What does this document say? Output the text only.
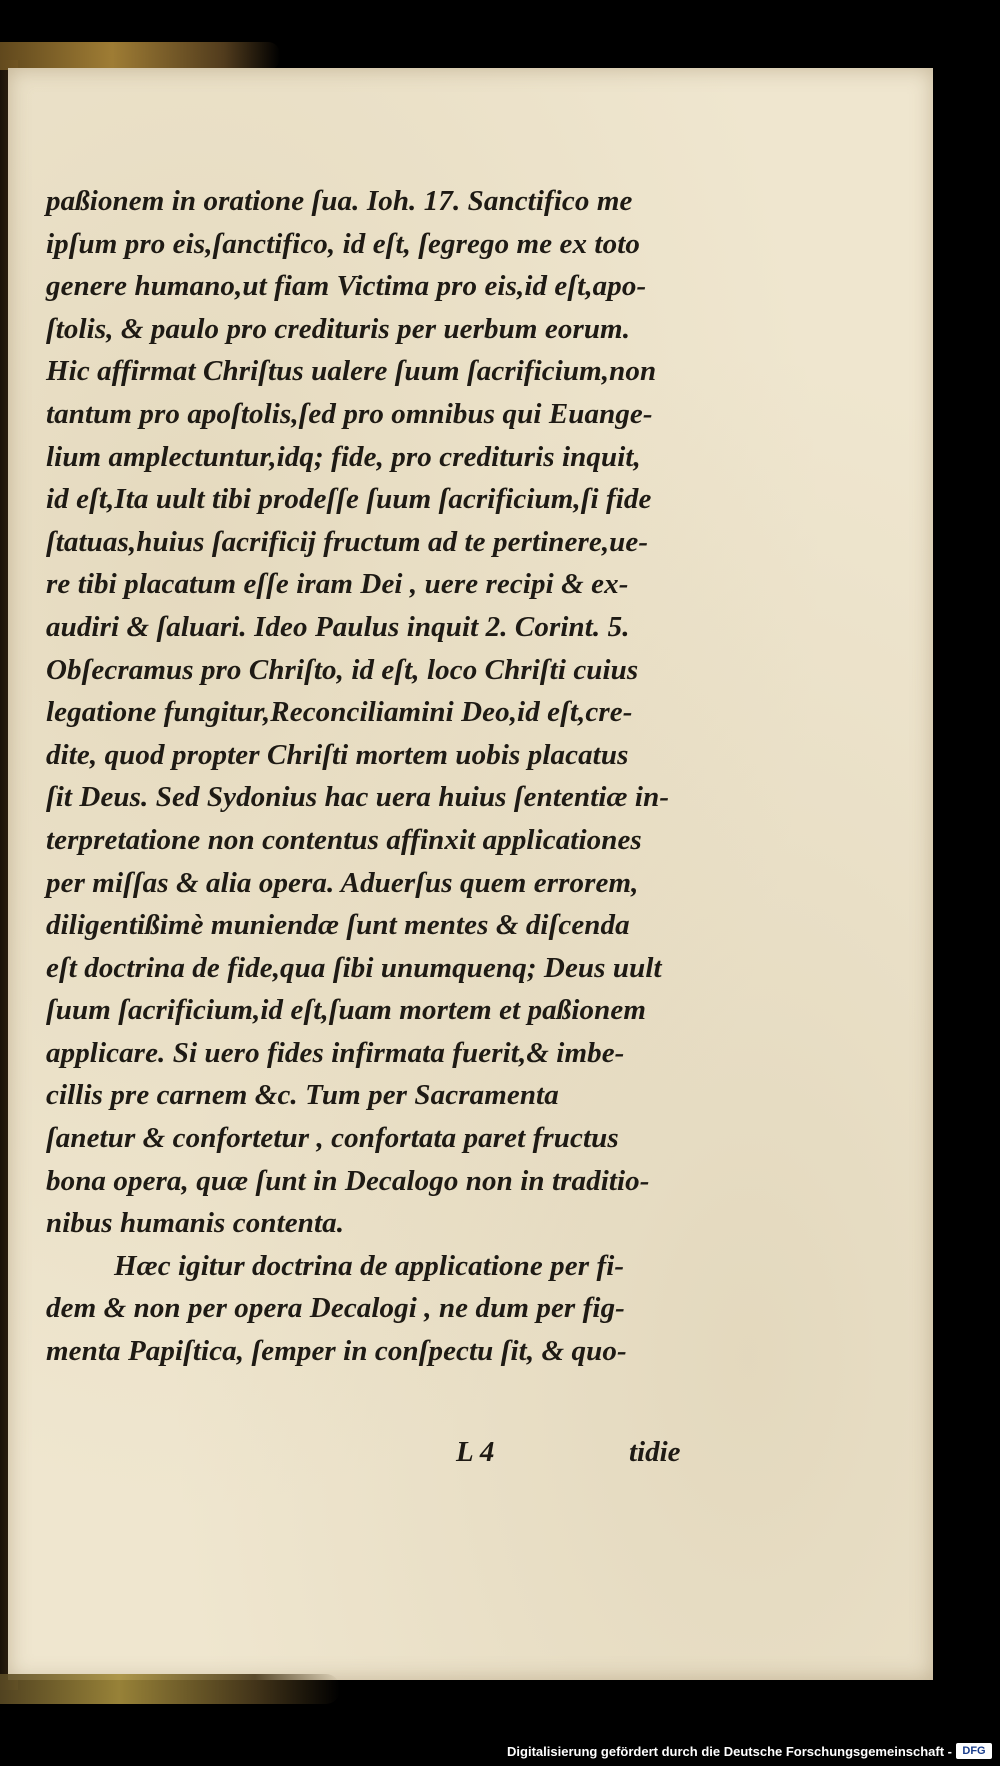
paßionem in oratione ſua. Ioh. 17. Sanctifico me
ipſum pro eis,ſanctifico, id eſt, ſegrego me ex toto
genere humano,ut fiam Victima pro eis,id eſt,apo-
ſtolis, & paulo pro credituris per uerbum eorum.
Hic affirmat Chriſtus ualere ſuum ſacrificium,non
tantum pro apoſtolis,ſed pro omnibus qui Euange-
lium amplectuntur,idq; fide, pro credituris inquit,
id eſt,Ita uult tibi prodeſſe ſuum ſacrificium,ſi fide
ſtatuas,huius ſacrificij fructum ad te pertinere,ue-
re tibi placatum eſſe iram Dei , uere recipi & ex-
audiri & ſaluari. Ideo Paulus inquit 2. Corint. 5.
Obſecramus pro Chriſto, id eſt, loco Chriſti cuius
legatione fungitur,Reconciliamini Deo,id eſt,cre-
dite, quod propter Chriſti mortem uobis placatus
ſit Deus. Sed Sydonius hac uera huius ſententiæ in-
terpretatione non contentus affinxit applicationes
per miſſas & alia opera. Aduerſus quem errorem,
diligentißimè muniendæ ſunt mentes & diſcenda
eſt doctrina de fide,qua ſibi unumquenq; Deus uult
ſuum ſacrificium,id eſt,ſuam mortem et paßionem
applicare. Si uero fides infirmata fuerit,& imbe-
cillis pre carnem &c. Tum per Sacramenta
ſanetur & confortetur , confortata paret fructus
bona opera, quæ ſunt in Decalogo non in traditio-
nibus humanis contenta.
Hæc igitur doctrina de applicatione per fi-
dem & non per opera Decalogi , ne dum per fig-
menta Papiſtica, ſemper in conſpectu ſit, & quo-
L 4	tidie
Digitalisierung gefördert durch die Deutsche Forschungsgemeinschaft - DFG
